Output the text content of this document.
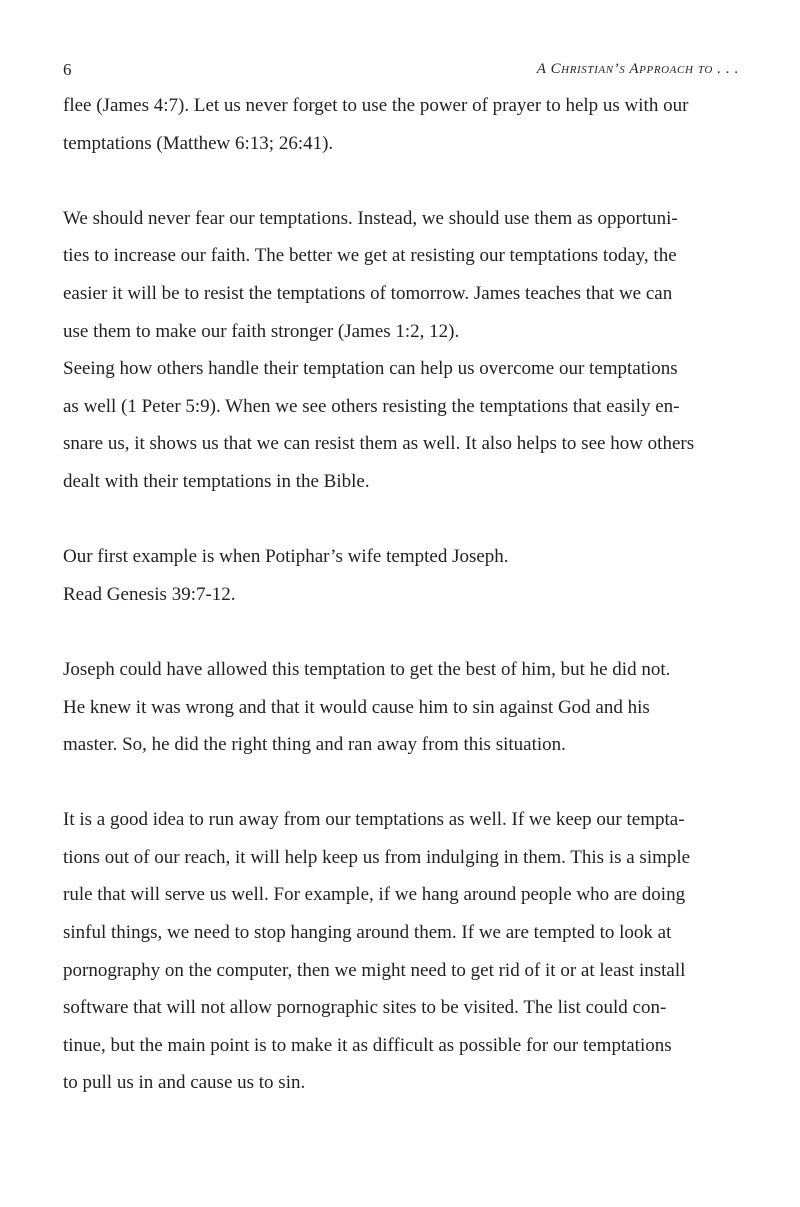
6	A Christian’s Approach to . . .
flee (James 4:7). Let us never forget to use the power of prayer to help us with our
temptations (Matthew 6:13; 26:41).
We should never fear our temptations. Instead, we should use them as opportuni-
ties to increase our faith. The better we get at resisting our temptations today, the
easier it will be to resist the temptations of tomorrow. James teaches that we can
use them to make our faith stronger (James 1:2, 12).
Seeing how others handle their temptation can help us overcome our temptations
as well (1 Peter 5:9). When we see others resisting the temptations that easily en-
snare us, it shows us that we can resist them as well. It also helps to see how others
dealt with their temptations in the Bible.
Our first example is when Potiphar’s wife tempted Joseph.
Read Genesis 39:7-12.
Joseph could have allowed this temptation to get the best of him, but he did not.
He knew it was wrong and that it would cause him to sin against God and his
master. So, he did the right thing and ran away from this situation.
It is a good idea to run away from our temptations as well. If we keep our tempta-
tions out of our reach, it will help keep us from indulging in them. This is a simple
rule that will serve us well. For example, if we hang around people who are doing
sinful things, we need to stop hanging around them. If we are tempted to look at
pornography on the computer, then we might need to get rid of it or at least install
software that will not allow pornographic sites to be visited. The list could con-
tinue, but the main point is to make it as difficult as possible for our temptations
to pull us in and cause us to sin.
